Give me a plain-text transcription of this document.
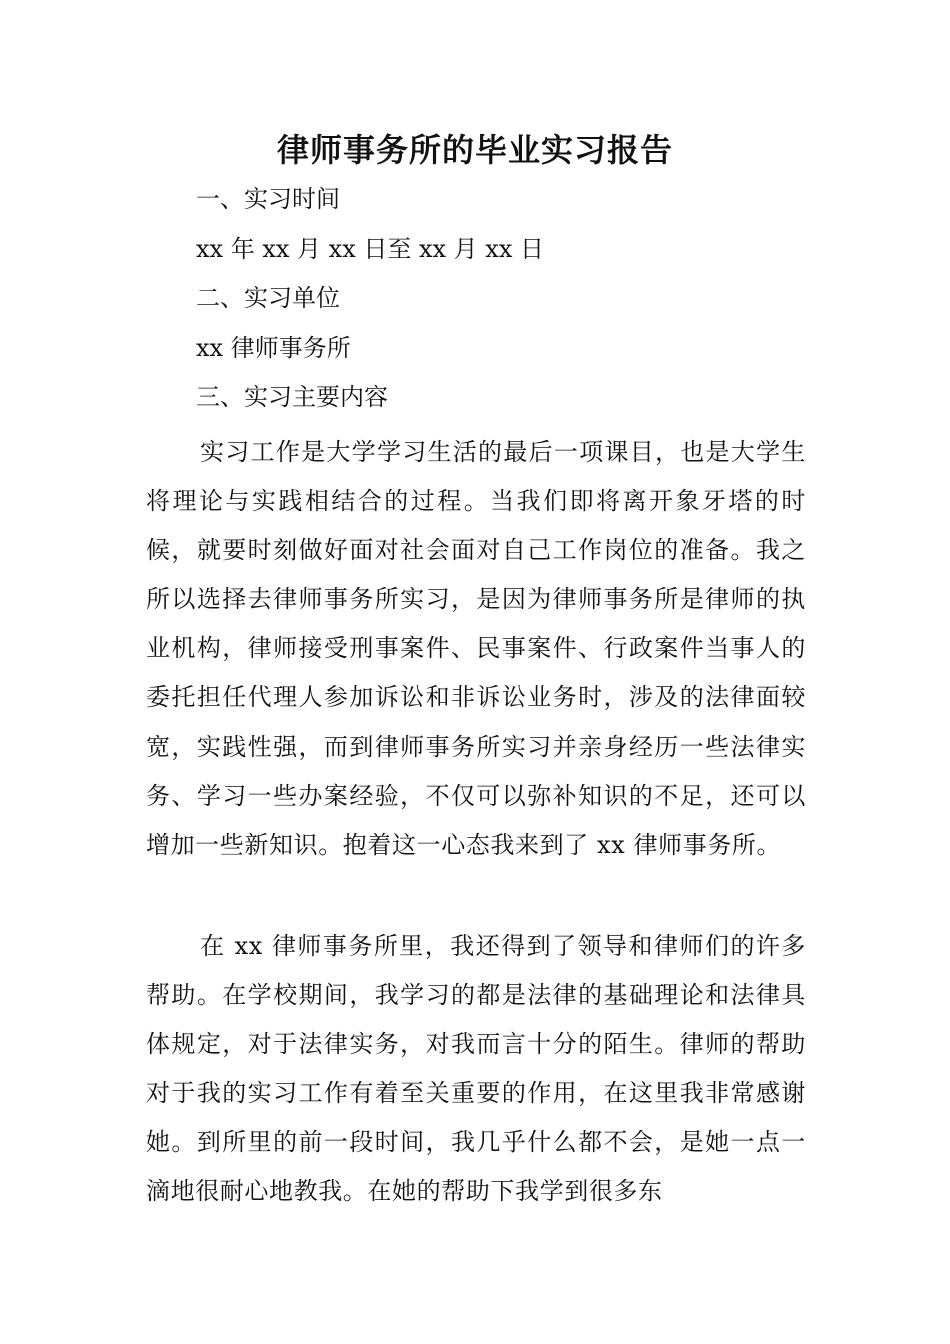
律师事务所的毕业实习报告

一、实习时间

xx 年 xx 月 xx 日至 xx 月 xx 日

二、实习单位

xx 律师事务所

三、实习主要内容

实习工作是大学学习生活的最后一项课目，也是大学生将理论与实践相结合的过程。当我们即将离开象牙塔的时候，就要时刻做好面对社会面对自己工作岗位的准备。我之所以选择去律师事务所实习，是因为律师事务所是律师的执业机构，律师接受刑事案件、民事案件、行政案件当事人的委托担任代理人参加诉讼和非诉讼业务时，涉及的法律面较宽，实践性强，而到律师事务所实习并亲身经历一些法律实务、学习一些办案经验，不仅可以弥补知识的不足，还可以增加一些新知识。抱着这一心态我来到了 xx 律师事务所。

在 xx 律师事务所里，我还得到了领导和律师们的许多帮助。在学校期间，我学习的都是法律的基础理论和法律具体规定，对于法律实务，对我而言十分的陌生。律师的帮助对于我的实习工作有着至关重要的作用，在这里我非常感谢她。到所里的前一段时间，我几乎什么都不会，是她一点一滴地很耐心地教我。在她的帮助下我学到很多东
